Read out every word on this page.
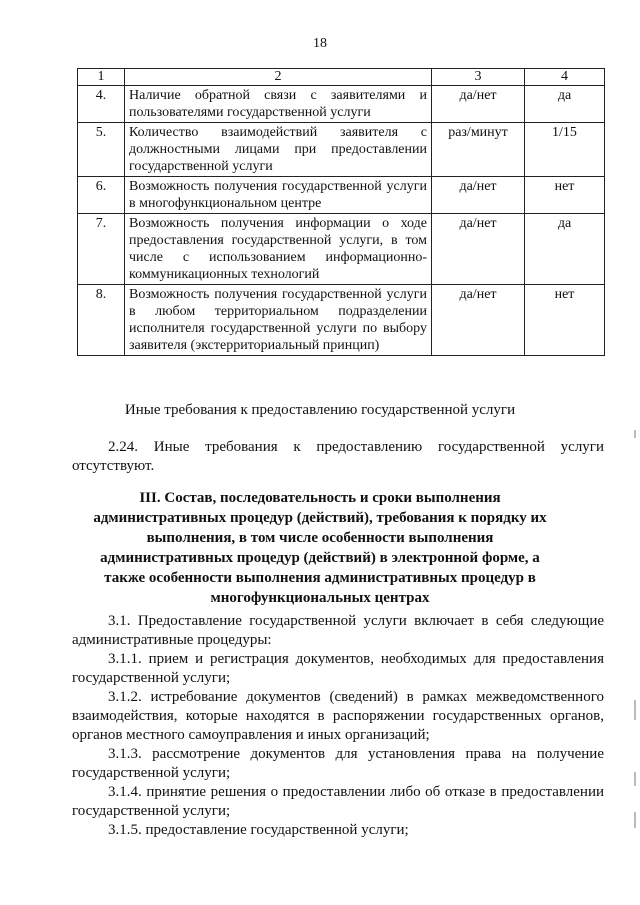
18
1	2	3	4
4.	Наличие обратной связи с заявителями и пользователями государственной услуги	да/нет	да
5.	Количество взаимодействий заявителя с должностными лицами при предоставлении государственной услуги	раз/минут	1/15
6.	Возможность получения государственной услуги в многофункциональном центре	да/нет	нет
7.	Возможность получения информации о ходе предоставления государственной услуги, в том числе с использованием информационно-коммуникационных технологий	да/нет	да
8.	Возможность получения государственной услуги в любом территориальном подразделении исполнителя государственной услуги по выбору заявителя (экстерриториальный принцип)	да/нет	нет
Иные требования к предоставлению государственной услуги
2.24. Иные требования к предоставлению государственной услуги отсутствуют.
III. Состав, последовательность и сроки выполнения административных процедур (действий), требования к порядку их выполнения, в том числе особенности выполнения административных процедур (действий) в электронной форме, а также особенности выполнения административных процедур в многофункциональных центрах
3.1. Предоставление государственной услуги включает в себя следующие административные процедуры:
3.1.1. прием и регистрация документов, необходимых для предоставления государственной услуги;
3.1.2. истребование документов (сведений) в рамках межведомственного взаимодействия, которые находятся в распоряжении государственных органов, органов местного самоуправления и иных организаций;
3.1.3. рассмотрение документов для установления права на получение государственной услуги;
3.1.4. принятие решения о предоставлении либо об отказе в предоставлении государственной услуги;
3.1.5. предоставление государственной услуги;
